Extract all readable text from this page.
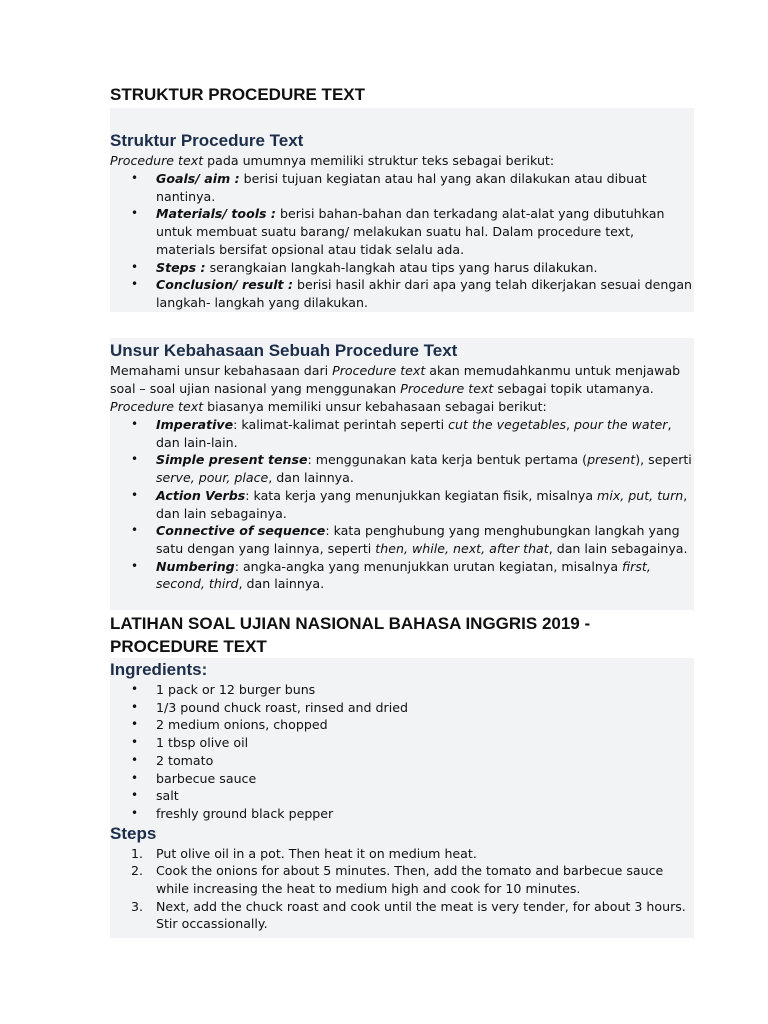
STRUKTUR PROCEDURE TEXT
Struktur Procedure Text

Procedure text pada umumnya memiliki struktur teks sebagai berikut:

• Goals/ aim : berisi tujuan kegiatan atau hal yang akan dilakukan atau dibuat nantinya.
• Materials/ tools : berisi bahan-bahan dan terkadang alat-alat yang dibutuhkan untuk membuat suatu barang/ melakukan suatu hal. Dalam procedure text, materials bersifat opsional atau tidak selalu ada.
• Steps : serangkaian langkah-langkah atau tips yang harus dilakukan.
• Conclusion/ result : berisi hasil akhir dari apa yang telah dikerjakan sesuai dengan langkah- langkah yang dilakukan.
Unsur Kebahasaan Sebuah Procedure Text

Memahami unsur kebahasaan dari Procedure text akan memudahkanmu untuk menjawab soal – soal ujian nasional yang menggunakan Procedure text sebagai topik utamanya.

Procedure text biasanya memiliki unsur kebahasaan sebagai berikut:

• Imperative: kalimat-kalimat perintah seperti cut the vegetables, pour the water, dan lain-lain.
• Simple present tense: menggunakan kata kerja bentuk pertama (present), seperti serve, pour, place, dan lainnya.
• Action Verbs: kata kerja yang menunjukkan kegiatan fisik, misalnya mix, put, turn, dan lain sebagainya.
• Connective of sequence: kata penghubung yang menghubungkan langkah yang satu dengan yang lainnya, seperti then, while, next, after that, dan lain sebagainya.
• Numbering: angka-angka yang menunjukkan urutan kegiatan, misalnya first, second, third, dan lainnya.
LATIHAN SOAL UJIAN NASIONAL BAHASA INGGRIS 2019 - PROCEDURE TEXT
Ingredients:
• 1 pack or 12 burger buns
• 1/3 pound chuck roast, rinsed and dried
• 2 medium onions, chopped
• 1 tbsp olive oil
• 2 tomato
• barbecue sauce
• salt
• freshly ground black pepper
Steps
1. Put olive oil in a pot. Then heat it on medium heat.
2. Cook the onions for about 5 minutes. Then, add the tomato and barbecue sauce while increasing the heat to medium high and cook for 10 minutes.
3. Next, add the chuck roast and cook until the meat is very tender, for about 3 hours. Stir occassionally.
